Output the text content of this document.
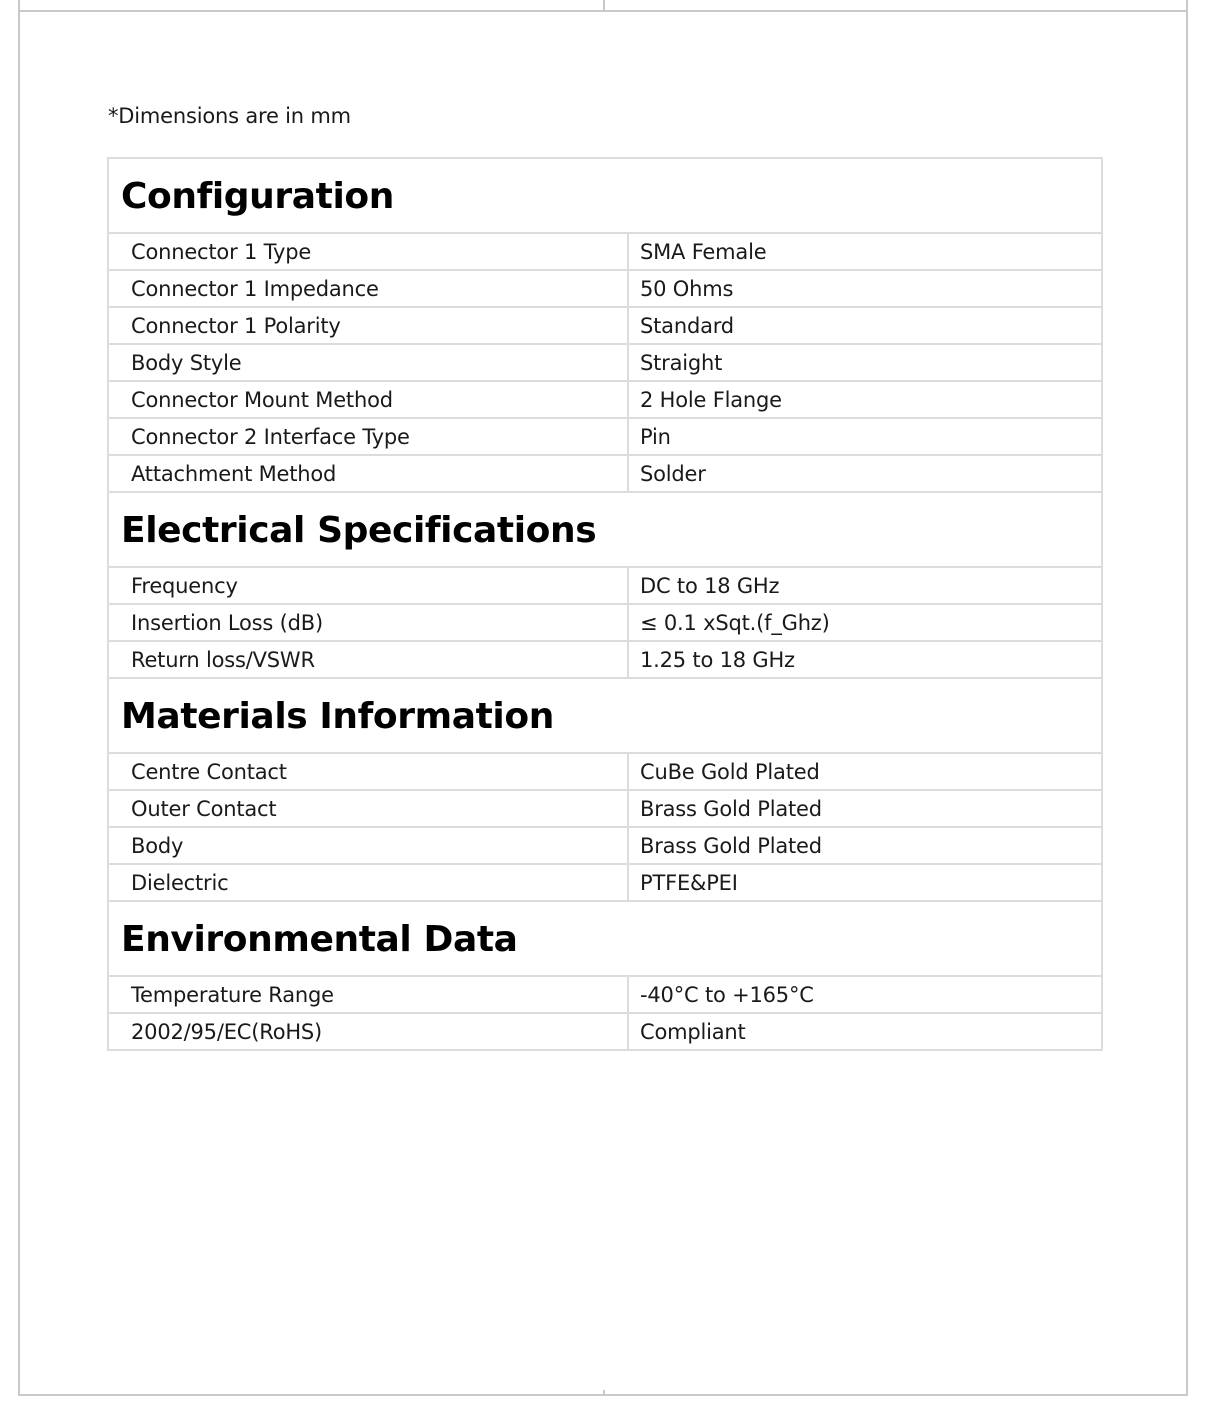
*Dimensions are in mm
Configuration	
Connector 1 Type	SMA Female
Connector 1 Impedance	50 Ohms
Connector 1 Polarity	Standard
Body Style	Straight
Connector Mount Method	2 Hole Flange
Connector 2 Interface Type	Pin
Attachment Method	Solder
Electrical Specifications	
Frequency	DC to 18 GHz
Insertion Loss (dB)	≤ 0.1 xSqt.(f_Ghz)
Return loss/VSWR	1.25 to 18 GHz
Materials Information	
Centre Contact	CuBe Gold Plated
Outer Contact	Brass Gold Plated
Body	Brass Gold Plated
Dielectric	PTFE&PEI
Environmental Data	
Temperature Range	-40°C to +165°C
2002/95/EC(RoHS)	Compliant
